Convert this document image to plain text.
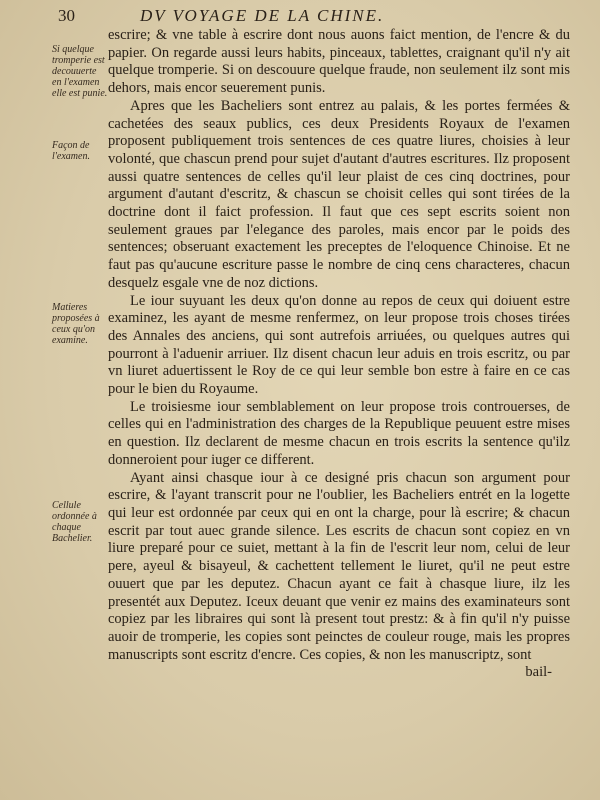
30	DV VOYAGE DE LA CHINE.
Si quelque tromperie est decouuerte en l'examen elle est punie.
Façon de l'examen.
Matieres proposées à ceux qu'on examine.
Cellule ordonnée à chaque Bachelier.

escrire; & vne table à escrire dont nous auons faict mention, de l'encre & du papier. On regarde aussi leurs habits, pinceaux, tablettes, craignant qu'il n'y ait quelque tromperie. Si on descouure quelque fraude, non seulement ilz sont mis dehors, mais encor seuerement punis.

Apres que les Bacheliers sont entrez au palais, & les portes fermées & cachetées des seaux publics, ces deux Presidents Royaux de l'examen proposent publiquement trois sentences de ces quatre liures, choisies à leur volonté, que chascun prend pour sujet d'autant d'autres escritures. Ilz proposent aussi quatre sentences de celles qu'il leur plaist de ces cinq doctrines, pour argument d'autant d'escritz, & chascun se choisit celles qui sont tirées de la doctrine dont il faict profession. Il faut que ces sept escrits soient non seulement graues par l'elegance des paroles, mais encor par le poids des sentences; obseruant exactement les preceptes de l'eloquence Chinoise. Et ne faut pas qu'aucune escriture passe le nombre de cinq cens characteres, chacun desquelz esgale vne de noz dictions.

Le iour suyuant les deux qu'on donne au repos de ceux qui doiuent estre examinez, les ayant de mesme renfermez, on leur propose trois choses tirées des Annales des anciens, qui sont autrefois arriuées, ou quelques autres qui pourront à l'aduenir arriuer. Ilz disent chacun leur aduis en trois escritz, ou par vn liuret aduertissent le Roy de ce qui leur semble bon estre à faire en ce cas pour le bien du Royaume.

Le troisiesme iour semblablement on leur propose trois controuerses, de celles qui en l'administration des charges de la Republique peuuent estre mises en question. Ilz declarent de mesme chacun en trois escrits la sentence qu'ilz donneroient pour iuger ce different.

Ayant ainsi chasque iour à ce designé pris chacun son argument pour escrire, & l'ayant transcrit pour ne l'oublier, les Bacheliers entrét en la logette qui leur est ordonnée par ceux qui en ont la charge, pour là escrire; & chacun escrit par tout auec grande silence. Les escrits de chacun sont copiez en vn liure preparé pour ce suiet, mettant à la fin de l'escrit leur nom, celui de leur pere, ayeul & bisayeul, & cachettent tellement le liuret, qu'il ne peut estre ouuert que par les deputez. Chacun ayant ce fait à chasque liure, ilz les presentét aux Deputez. Iceux deuant que venir ez mains des examinateurs sont copiez par les libraires qui sont là present tout prestz: & à fin qu'il n'y puisse auoir de tromperie, les copies sont peinctes de couleur rouge, mais les propres manuscripts sont escritz d'encre. Ces copies, & non les manuscriptz, sont

bail-
